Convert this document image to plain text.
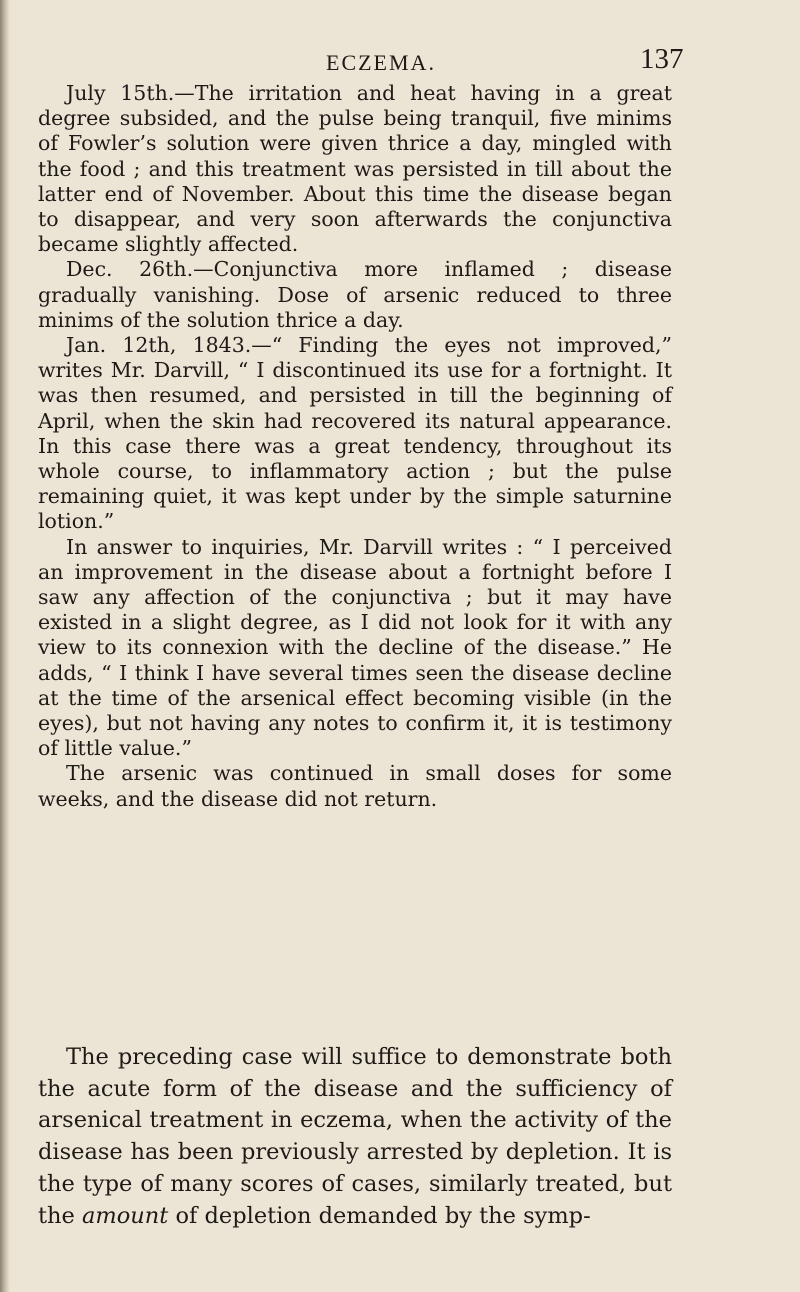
ECZEMA.	137

July 15th.—The irritation and heat having in a great degree subsided, and the pulse being tranquil, five minims of Fowler’s solution were given thrice a day, mingled with the food ; and this treatment was persisted in till about the latter end of November. About this time the disease began to disappear, and very soon afterwards the conjunctiva became slightly affected.

Dec. 26th.—Conjunctiva more inflamed ; disease gradually vanishing. Dose of arsenic reduced to three minims of the solution thrice a day.

Jan. 12th, 1843.—“ Finding the eyes not improved,” writes Mr. Darvill, “ I discontinued its use for a fortnight. It was then resumed, and persisted in till the beginning of April, when the skin had recovered its natural appearance. In this case there was a great tendency, throughout its whole course, to inflammatory action ; but the pulse remaining quiet, it was kept under by the simple saturnine lotion.”

In answer to inquiries, Mr. Darvill writes : “ I perceived an improvement in the disease about a fortnight before I saw any affection of the conjunctiva ; but it may have existed in a slight degree, as I did not look for it with any view to its connexion with the decline of the disease.” He adds, “ I think I have several times seen the disease decline at the time of the arsenical effect becoming visible (in the eyes), but not having any notes to confirm it, it is testimony of little value.”

The arsenic was continued in small doses for some weeks, and the disease did not return.

The preceding case will suffice to demonstrate both the acute form of the disease and the sufficiency of arsenical treatment in eczema, when the activity of the disease has been previously arrested by depletion. It is the type of many scores of cases, similarly treated, but the amount of depletion demanded by the symp-
